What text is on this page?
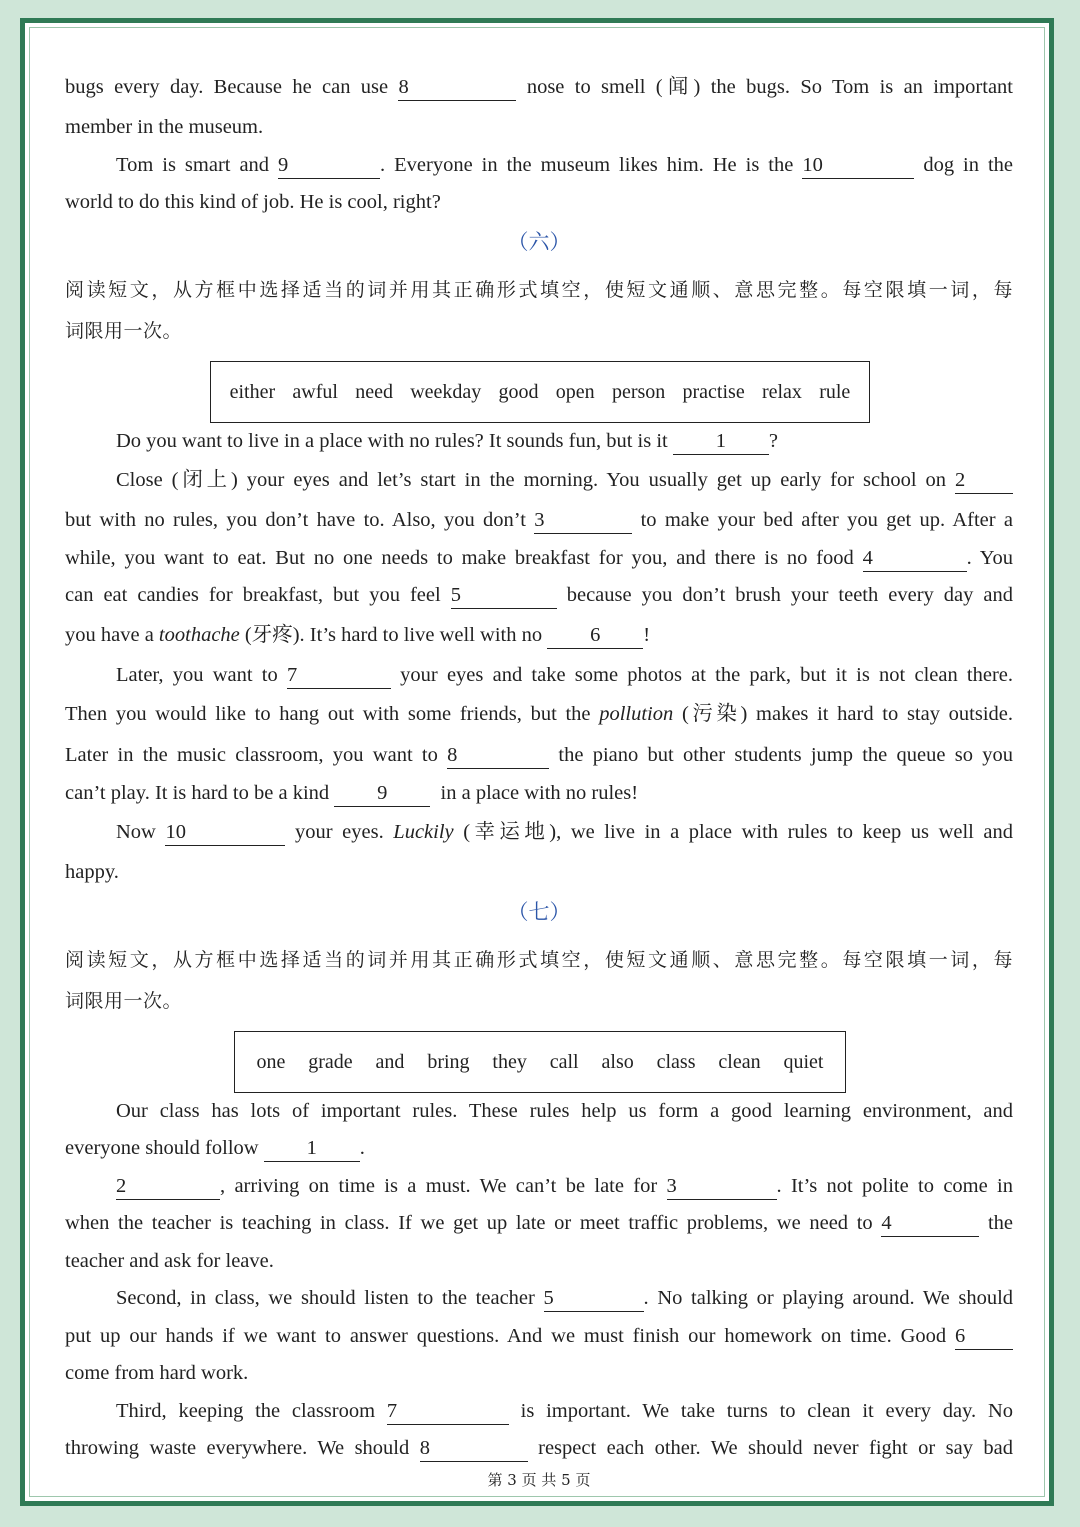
bugs every day. Because he can use 8	nose to smell (闻) the bugs. So Tom is an important
member in the museum.
Tom is smart and 9	. Everyone in the museum likes him. He is the 10	dog in the
world to do this kind of job. He is cool, right?
（六）
阅读短文，从方框中选择适当的词并用其正确形式填空，使短文通顺、意思完整。每空限填一词，每
词限用一次。
either awful need weekday good open person practise relax rule
Do you want to live in a place with no rules? It sounds fun, but is it 1 ?
Close (闭上) your eyes and let’s start in the morning. You usually get up early for school on 2
but with no rules, you don’t have to. Also, you don’t 3	to make your bed after you get up. After a
while, you want to eat. But no one needs to make breakfast for you, and there is no food 4	. You
can eat candies for breakfast, but you feel 5	because you don’t brush your teeth every day and
you have a toothache (牙疼). It’s hard to live well with no 6 !
Later, you want to 7	your eyes and take some photos at the park, but it is not clean there.
Then you would like to hang out with some friends, but the pollution (污染) makes it hard to stay outside.
Later in the music classroom, you want to 8	the piano but other students jump the queue so you
can’t play. It is hard to be a kind 9	in a place with no rules!
Now 10	your eyes. Luckily (幸运地), we live in a place with rules to keep us well and
happy.
（七）
阅读短文，从方框中选择适当的词并用其正确形式填空，使短文通顺、意思完整。每空限填一词，每
词限用一次。
one grade and bring they call also class clean quiet
Our class has lots of important rules. These rules help us form a good learning environment, and
everyone should follow 1 .
2	, arriving on time is a must. We can’t be late for 3	. It’s not polite to come in
when the teacher is teaching in class. If we get up late or meet traffic problems, we need to 4	the
teacher and ask for leave.
Second, in class, we should listen to the teacher 5	. No talking or playing around. We should
put up our hands if we want to answer questions. And we must finish our homework on time. Good 6
come from hard work.
Third, keeping the classroom 7	is important. We take turns to clean it every day. No
throwing waste everywhere. We should 8	respect each other. We should never fight or say bad
第 3 页 共 5 页
